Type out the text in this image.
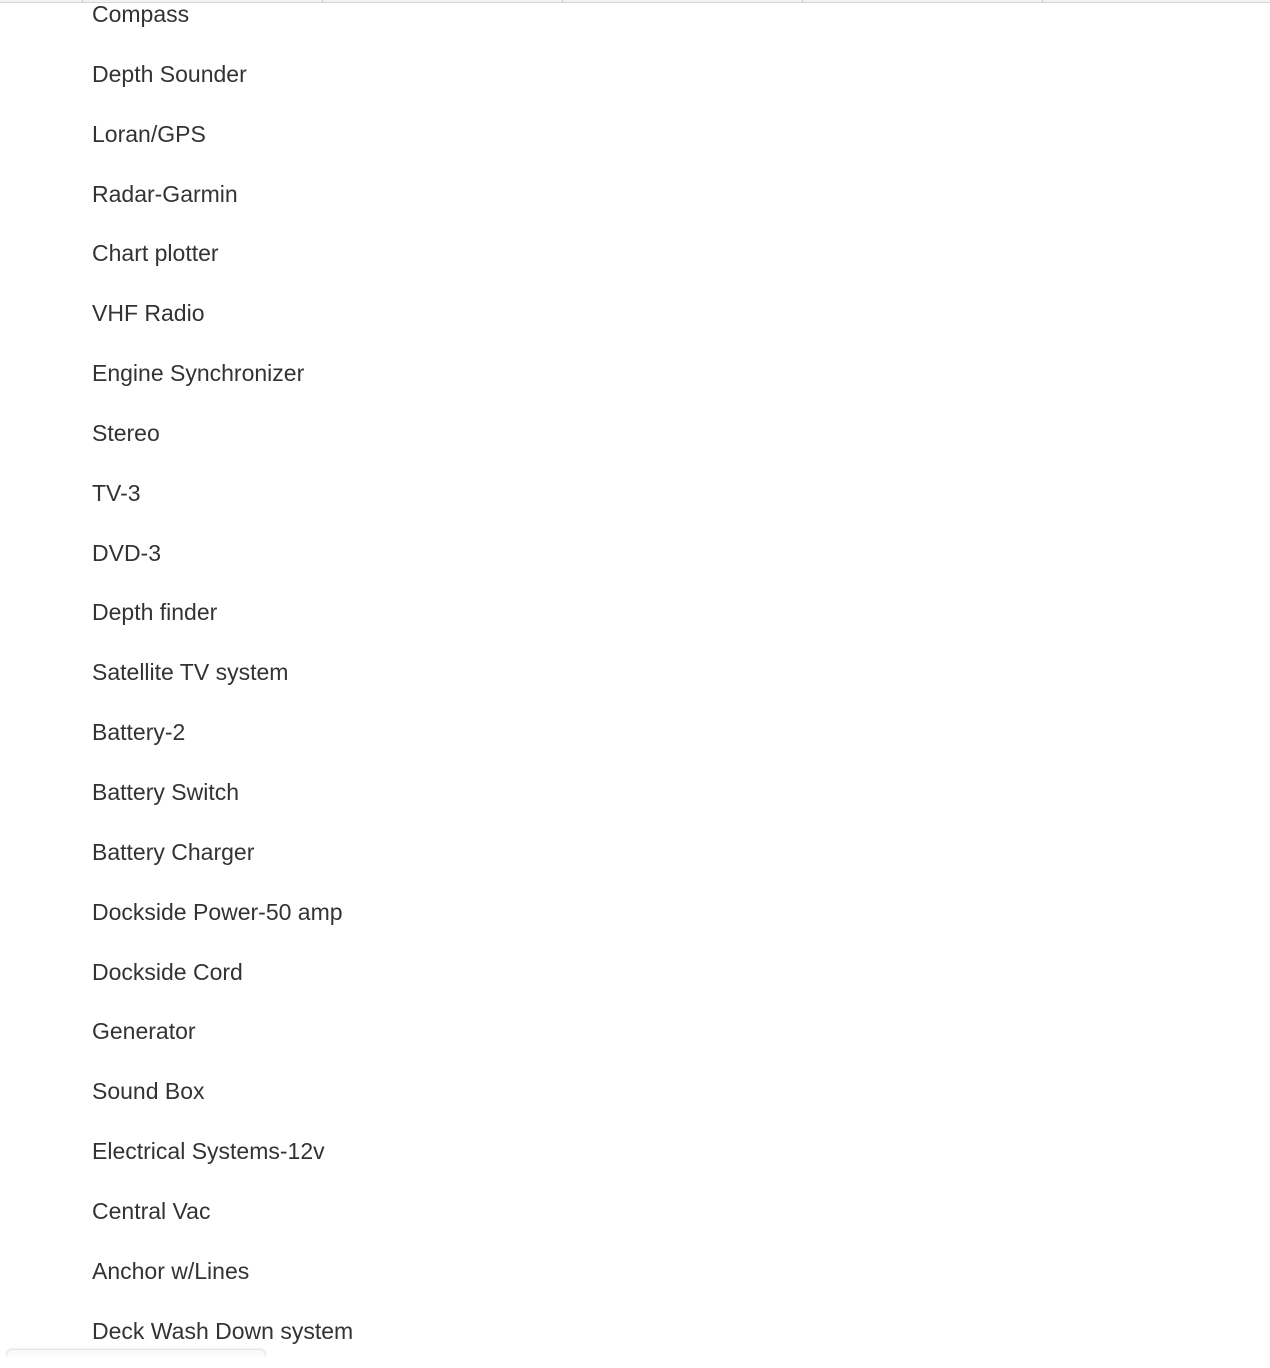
Compass
Depth Sounder
Loran/GPS
Radar-Garmin
Chart plotter
VHF Radio
Engine Synchronizer
Stereo
TV-3
DVD-3
Depth finder
Satellite TV system
Battery-2
Battery Switch
Battery Charger
Dockside Power-50 amp
Dockside Cord
Generator
Sound Box
Electrical Systems-12v
Central Vac
Anchor w/Lines
Deck Wash Down system
